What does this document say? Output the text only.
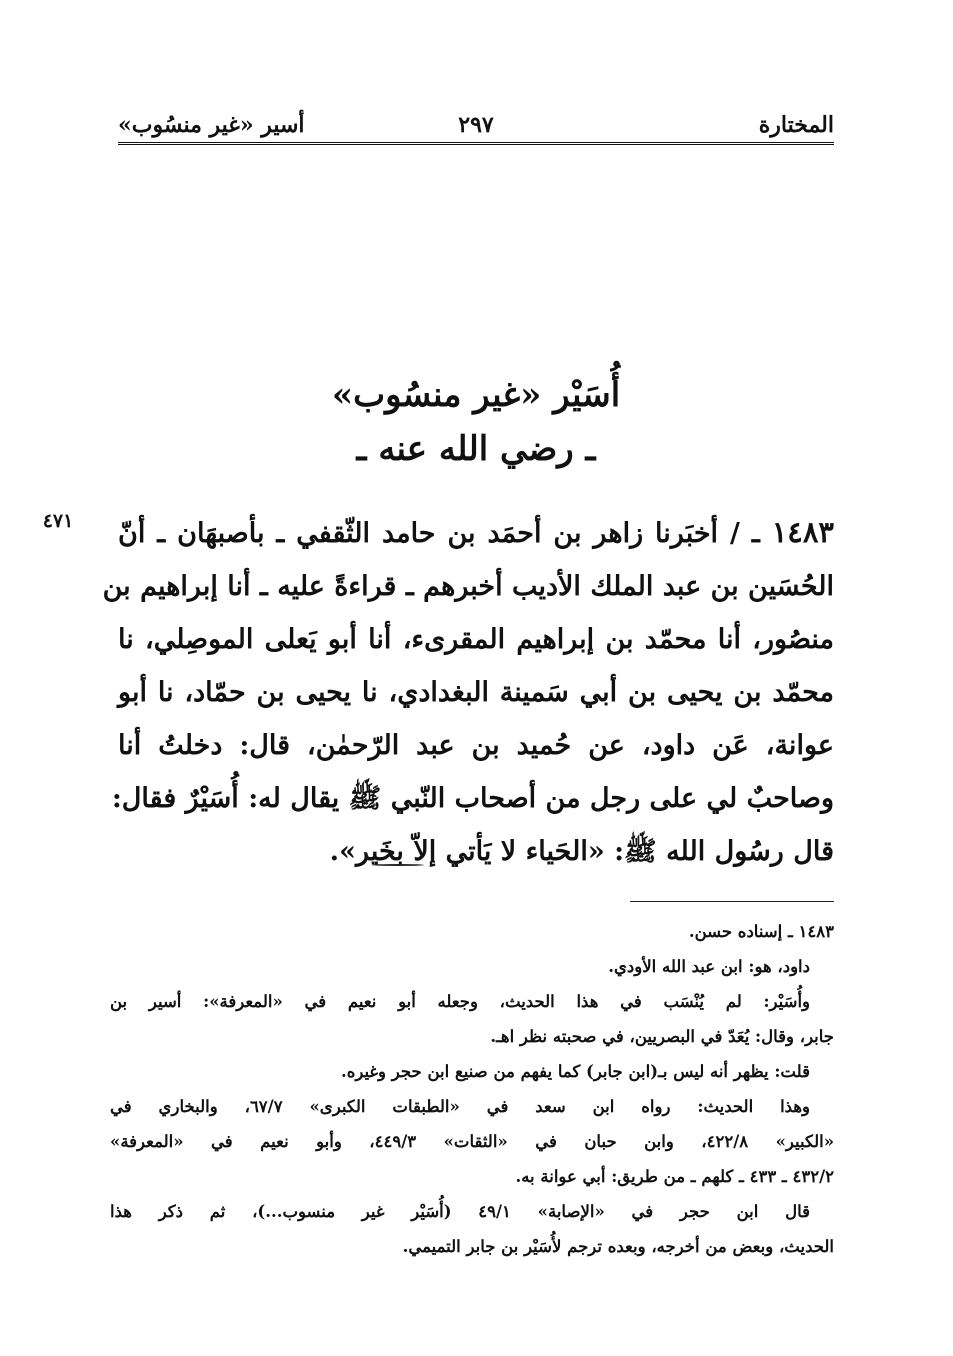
المختارة
٢٩٧
أسير «غير منسُوب»
أُسَيْر «غير منسُوب»
ـ رضي الله عنه ـ
٤٧١	١٤٨٣ ـ / أخبَرنا زاهر بن أحمَد بن حامد الثّقفي ـ بأصبهَان ـ أنّ
الحُسَين بن عبد الملك الأديب أخبرهم ـ قراءةً عليه ـ أنا إبراهيم بن
منصُور، أنا محمّد بن إبراهيم المقرىء، أنا أبو يَعلى الموصِلي، نا
محمّد بن يحيى بن أبي سَمينة البغدادي، نا يحيى بن حمّاد، نا أبو
عوانة، عَن داود، عن حُميد بن عبد الرّحمٰن، قال: دخلتُ أنا
وصاحبٌ لي على رجل من أصحاب النّبي ﷺ يقال له: أُسَيْرٌ فقال:
قال رسُول الله ﷺ: «الحَياء لا يَأتي إلاّ بخَير».
١٤٨٣ ـ إسناده حسن.
داود، هو: ابن عبد الله الأودي.
وأُسَيْر: لم يُنْسَب في هذا الحديث، وجعله أبو نعيم في «المعرفة»: أسير بن
جابر، وقال: يُعَدّ في البصريين، في صحبته نظر اهـ.
قلت: يظهر أنه ليس بـ(ابن جابر) كما يفهم من صنيع ابن حجر وغيره.
وهذا الحديث: رواه ابن سعد في «الطبقات الكبرى» ٦٧/٧، والبخاري في
«الكبير» ٤٢٢/٨، وابن حبان في «الثقات» ٤٤٩/٣، وأبو نعيم في «المعرفة»
٤٣٢/٢ ـ ٤٣٣ ـ كلهم ـ من طريق: أبي عوانة به.
قال ابن حجر في «الإصابة» ٤٩/١ (أُسَيْر غير منسوب...)، ثم ذكر هذا
الحديث، وبعض من أخرجه، وبعده ترجم لأُسَيْر بن جابر التميمي.
